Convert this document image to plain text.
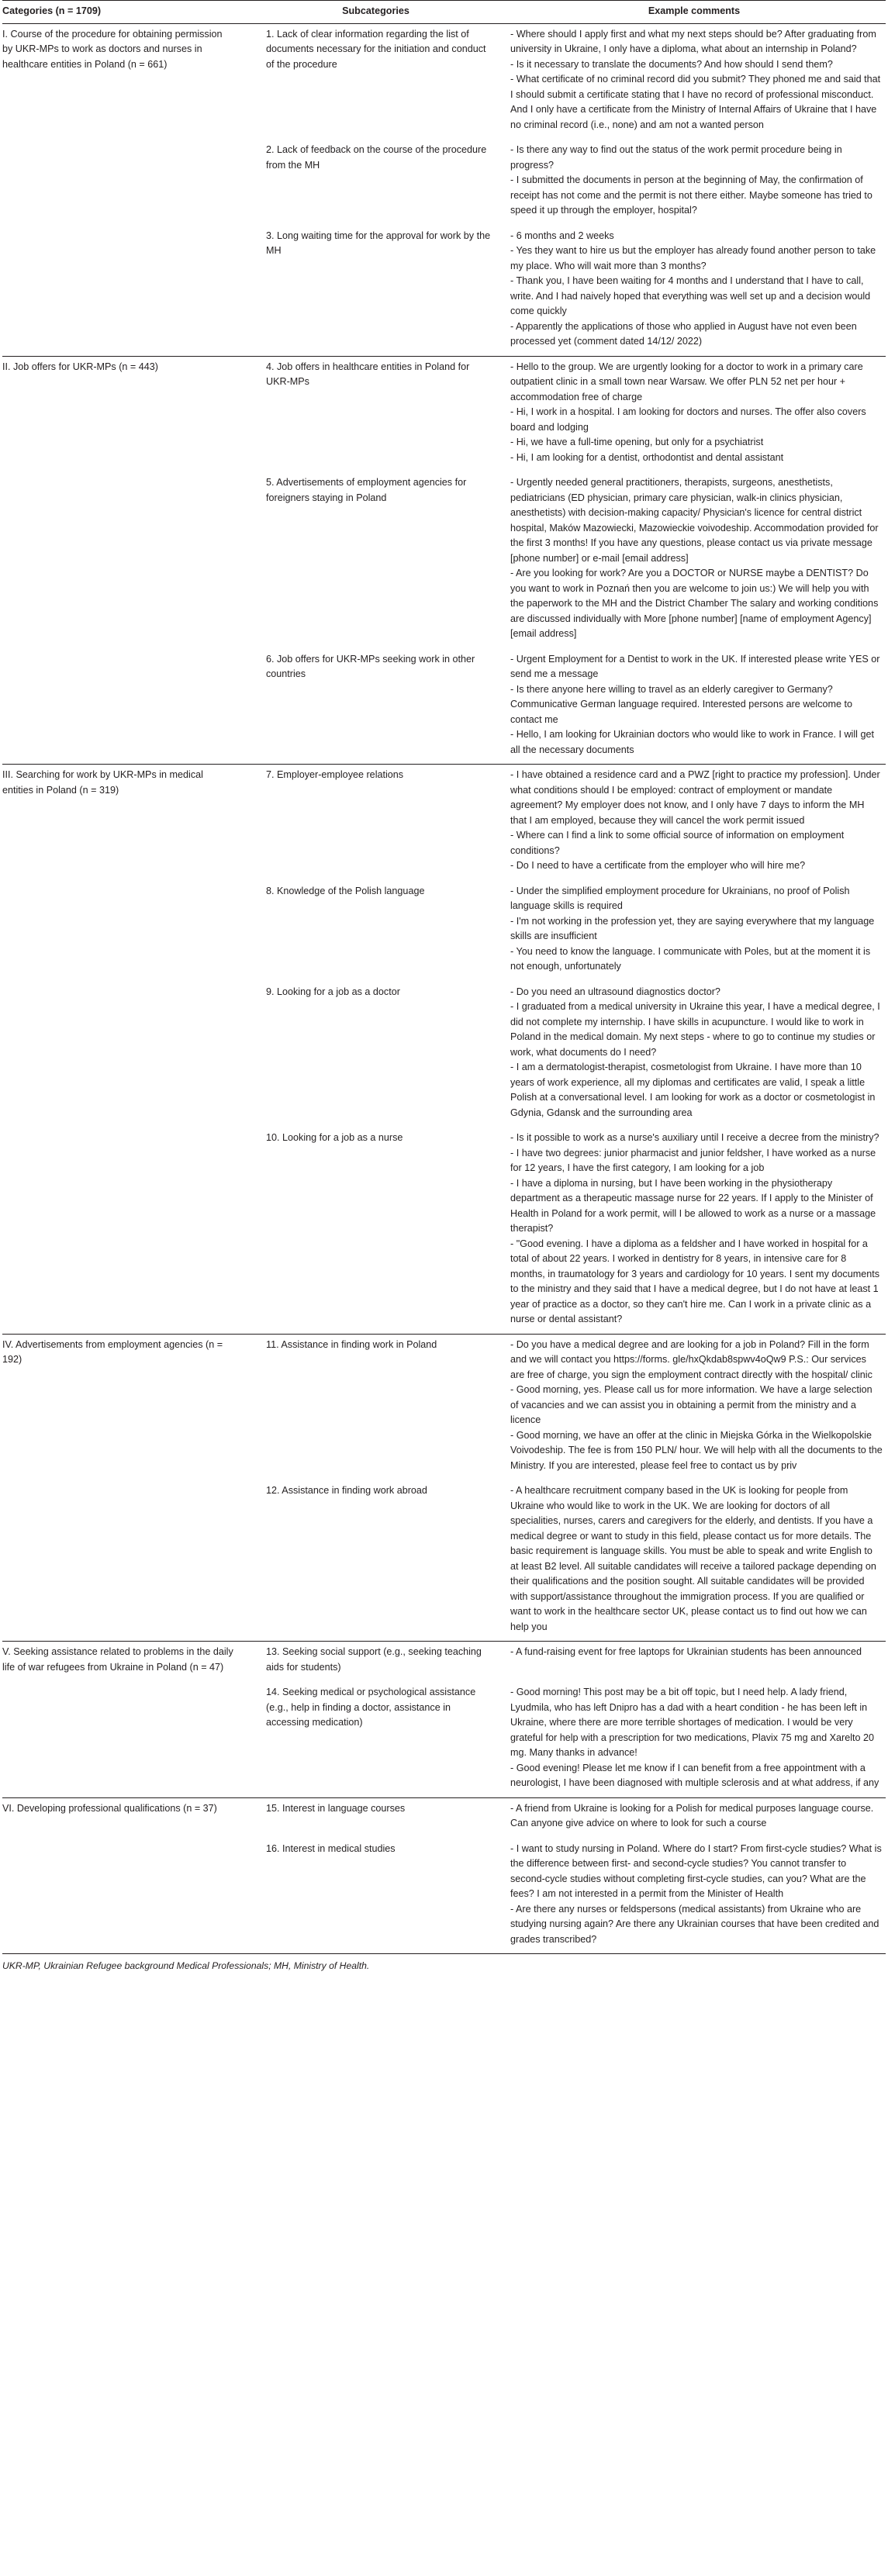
Categories (n = 1709)	Subcategories	Example comments
I. Course of the procedure for obtaining permission by UKR-MPs to work as doctors and nurses in healthcare entities in Poland (n = 661)	1. Lack of clear information regarding the list of documents necessary for the initiation and conduct of the procedure	- Where should I apply first and what my next steps should be? After graduating from university in Ukraine, I only have a diploma, what about an internship in Poland?
- Is it necessary to translate the documents? And how should I send them?
- What certificate of no criminal record did you submit? They phoned me and said that I should submit a certificate stating that I have no record of professional misconduct. And I only have a certificate from the Ministry of Internal Affairs of Ukraine that I have no criminal record (i.e., none) and am not a wanted person

	2. Lack of feedback on the course of the procedure from the MH	- Is there any way to find out the status of the work permit procedure being in progress?
- I submitted the documents in person at the beginning of May, the confirmation of receipt has not come and the permit is not there either. Maybe someone has tried to speed it up through the employer, hospital?

	3. Long waiting time for the approval for work by the MH	- 6 months and 2 weeks
- Yes they want to hire us but the employer has already found another person to take my place. Who will wait more than 3 months?
- Thank you, I have been waiting for 4 months and I understand that I have to call, write. And I had naively hoped that everything was well set up and a decision would come quickly
- Apparently the applications of those who applied in August have not even been processed yet (comment dated 14/12/ 2022)

II. Job offers for UKR-MPs (n = 443)	4. Job offers in healthcare entities in Poland for UKR-MPs	- Hello to the group. We are urgently looking for a doctor to work in a primary care outpatient clinic in a small town near Warsaw. We offer PLN 52 net per hour + accommodation free of charge
- Hi, I work in a hospital. I am looking for doctors and nurses. The offer also covers board and lodging
- Hi, we have a full-time opening, but only for a psychiatrist
- Hi, I am looking for a dentist, orthodontist and dental assistant

	5. Advertisements of employment agencies for foreigners staying in Poland	- Urgently needed general practitioners, therapists, surgeons, anesthetists, pediatricians (ED physician, primary care physician, walk-in clinics physician, anesthetists) with decision-making capacity/ Physician's licence for central district hospital, Maków Mazowiecki, Mazowieckie voivodeship. Accommodation provided for the first 3 months! If you have any questions, please contact us via private message [phone number] or e-mail [email address]
- Are you looking for work? Are you a DOCTOR or NURSE maybe a DENTIST? Do you want to work in Poznań then you are welcome to join us:) We will help you with the paperwork to the MH and the District Chamber The salary and working conditions are discussed individually with More [phone number] [name of employment Agency] [email address]

	6. Job offers for UKR-MPs seeking work in other countries	- Urgent Employment for a Dentist to work in the UK. If interested please write YES or send me a message
- Is there anyone here willing to travel as an elderly caregiver to Germany? Communicative German language required. Interested persons are welcome to contact me
- Hello, I am looking for Ukrainian doctors who would like to work in France. I will get all the necessary documents

III. Searching for work by UKR-MPs in medical entities in Poland (n = 319)	7. Employer-employee relations	- I have obtained a residence card and a PWZ [right to practice my profession]. Under what conditions should I be employed: contract of employment or mandate agreement? My employer does not know, and I only have 7 days to inform the MH that I am employed, because they will cancel the work permit issued
- Where can I find a link to some official source of information on employment conditions?
- Do I need to have a certificate from the employer who will hire me?

	8. Knowledge of the Polish language	- Under the simplified employment procedure for Ukrainians, no proof of Polish language skills is required
- I'm not working in the profession yet, they are saying everywhere that my language skills are insufficient
- You need to know the language. I communicate with Poles, but at the moment it is not enough, unfortunately

	9. Looking for a job as a doctor	- Do you need an ultrasound diagnostics doctor?
- I graduated from a medical university in Ukraine this year, I have a medical degree, I did not complete my internship. I have skills in acupuncture. I would like to work in Poland in the medical domain. My next steps - where to go to continue my studies or work, what documents do I need?
- I am a dermatologist-therapist, cosmetologist from Ukraine. I have more than 10 years of work experience, all my diplomas and certificates are valid, I speak a little Polish at a conversational level. I am looking for work as a doctor or cosmetologist in Gdynia, Gdansk and the surrounding area

	10. Looking for a job as a nurse	- Is it possible to work as a nurse's auxiliary until I receive a decree from the ministry?
- I have two degrees: junior pharmacist and junior feldsher, I have worked as a nurse for 12 years, I have the first category, I am looking for a job
- I have a diploma in nursing, but I have been working in the physiotherapy department as a therapeutic massage nurse for 22 years. If I apply to the Minister of Health in Poland for a work permit, will I be allowed to work as a nurse or a massage therapist?
- "Good evening. I have a diploma as a feldsher and I have worked in hospital for a total of about 22 years. I worked in dentistry for 8 years, in intensive care for 8 months, in traumatology for 3 years and cardiology for 10 years. I sent my documents to the ministry and they said that I have a medical degree, but I do not have at least 1 year of practice as a doctor, so they can't hire me. Can I work in a private clinic as a nurse or dental assistant?

IV. Advertisements from employment agencies (n = 192)	11. Assistance in finding work in Poland	- Do you have a medical degree and are looking for a job in Poland? Fill in the form and we will contact you https://forms. gle/hxQkdab8spwv4oQw9 P.S.: Our services are free of charge, you sign the employment contract directly with the hospital/ clinic
- Good morning, yes. Please call us for more information. We have a large selection of vacancies and we can assist you in obtaining a permit from the ministry and a licence
- Good morning, we have an offer at the clinic in Miejska Górka in the Wielkopolskie Voivodeship. The fee is from 150 PLN/ hour. We will help with all the documents to the Ministry. If you are interested, please feel free to contact us by priv

	12. Assistance in finding work abroad	- A healthcare recruitment company based in the UK is looking for people from Ukraine who would like to work in the UK. We are looking for doctors of all specialities, nurses, carers and caregivers for the elderly, and dentists. If you have a medical degree or want to study in this field, please contact us for more details. The basic requirement is language skills. You must be able to speak and write English to at least B2 level. All suitable candidates will receive a tailored package depending on their qualifications and the position sought. All suitable candidates will be provided with support/assistance throughout the immigration process. If you are qualified or want to work in the healthcare sector UK, please contact us to find out how we can help you

V. Seeking assistance related to problems in the daily life of war refugees from Ukraine in Poland (n = 47)	13. Seeking social support (e.g., seeking teaching aids for students)	- A fund-raising event for free laptops for Ukrainian students has been announced

	14. Seeking medical or psychological assistance (e.g., help in finding a doctor, assistance in accessing medication)	- Good morning! This post may be a bit off topic, but I need help. A lady friend, Lyudmila, who has left Dnipro has a dad with a heart condition - he has been left in Ukraine, where there are more terrible shortages of medication. I would be very grateful for help with a prescription for two medications, Plavix 75 mg and Xarelto 20 mg. Many thanks in advance!
- Good evening! Please let me know if I can benefit from a free appointment with a neurologist, I have been diagnosed with multiple sclerosis and at what address, if any

VI. Developing professional qualifications (n = 37)	15. Interest in language courses	- A friend from Ukraine is looking for a Polish for medical purposes language course. Can anyone give advice on where to look for such a course

	16. Interest in medical studies	- I want to study nursing in Poland. Where do I start? From first-cycle studies? What is the difference between first- and second-cycle studies? You cannot transfer to second-cycle studies without completing first-cycle studies, can you? What are the fees? I am not interested in a permit from the Minister of Health
- Are there any nurses or feldspersons (medical assistants) from Ukraine who are studying nursing again? Are there any Ukrainian courses that have been credited and grades transcribed?
UKR-MP, Ukrainian Refugee background Medical Professionals; MH, Ministry of Health.
